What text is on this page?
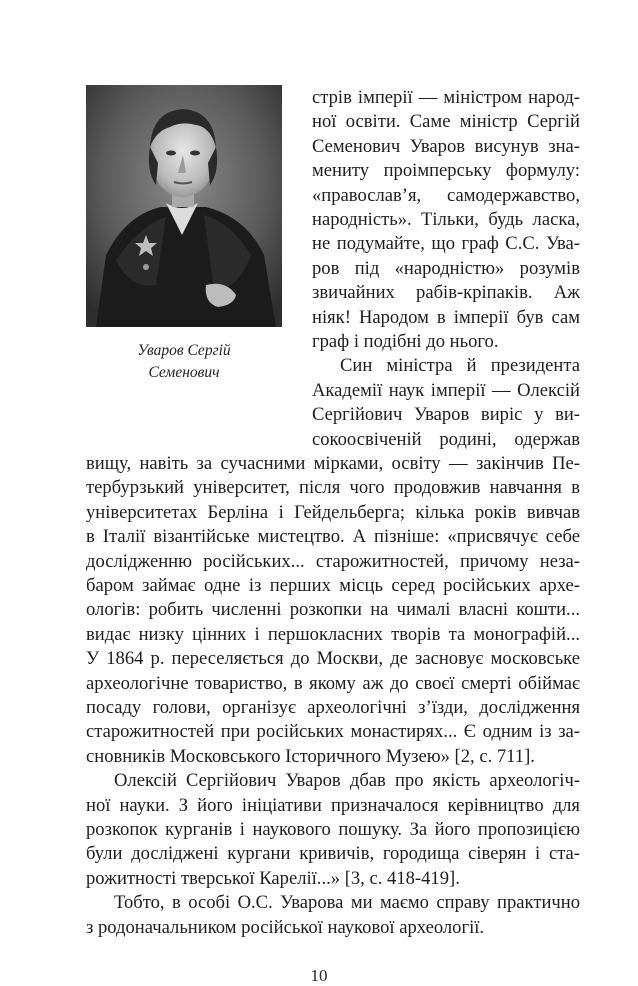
Уваров Сергій
Семенович
стрів імперії — міністром народ-
ної освіти. Саме міністр Сергій
Семенович Уваров висунув зна-
мениту проімперську формулу:
«православ’я, самодержавство,
народність». Тільки, будь ласка,
не подумайте, що граф С.С. Ува-
ров під «народністю» розумів
звичайних рабів-кріпаків. Аж
ніяк! Народом в імперії був сам
граф і подібні до нього.
Син міністра й президента
Академії наук імперії — Олексій
Сергійович Уваров виріс у ви-
сокоосвіченій родині, одержав
вищу, навіть за сучасними мірками, освіту — закінчив Пе-
тербурзький університет, після чого продовжив навчання в
університетах Берліна і Гейдельберга; кілька років вивчав
в Італії візантійське мистецтво. А пізніше: «присвячує себе
дослідженню російських... старожитностей, причому неза-
баром займає одне із перших місць серед російських архе-
ологів: робить численні розкопки на чималі власні кошти...
видає низку цінних і першокласних творів та монографій...
У 1864 р. переселяється до Москви, де засновує московське
археологічне товариство, в якому аж до своєї смерті обіймає
посаду голови, організує археологічні з’їзди, дослідження
старожитностей при російських монастирях... Є одним із за-
сновників Московського Історичного Музею» [2, с. 711].
Олексій Сергійович Уваров дбав про якість археологіч-
ної науки. З його ініціативи призначалося керівництво для
розкопок курганів і наукового пошуку. За його пропозицією
були досліджені кургани кривичів, городища сіверян і ста-
рожитності тверської Карелії...» [3, с. 418-419].
Тобто, в особі О.С. Уварова ми маємо справу практично
з родоначальником російської наукової археології.
10
